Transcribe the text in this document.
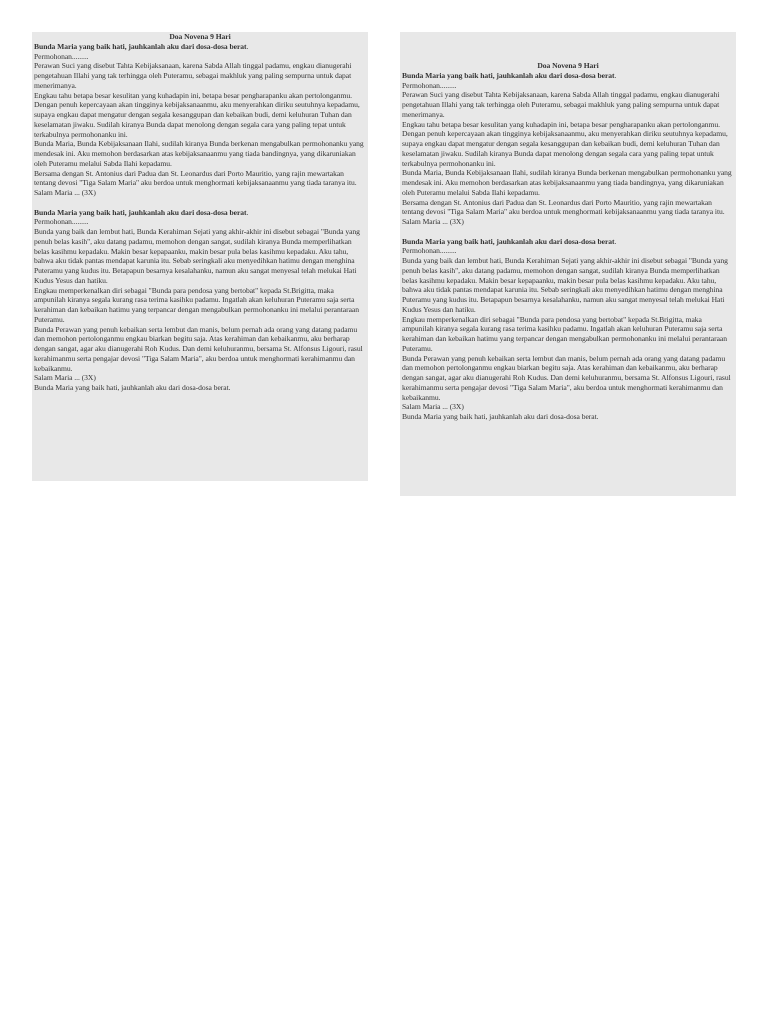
Doa Novena 9 Hari
Bunda Maria yang baik hati, jauhkanlah aku dari dosa-dosa berat.
Permohonan.........
Perawan Suci yang disebut Tahta Kebijaksanaan, karena Sabda Allah tinggal padamu, engkau dianugerahi pengetahuan Illahi yang tak terhingga oleh Puteramu, sebagai makhluk yang paling sempurna untuk dapat menerimanya.
Engkau tahu betapa besar kesulitan yang kuhadapin ini, betapa besar pengharapanku akan pertolonganmu. Dengan penuh kepercayaan akan tingginya kebijaksanaanmu, aku menyerahkan diriku seutuhnya kepadamu, supaya engkau dapat mengatur dengan segala kesanggupan dan kebaikan budi, demi keluhuran Tuhan dan keselamatan jiwaku. Sudilah kiranya Bunda dapat menolong dengan segala cara yang paling tepat untuk terkabulnya permohonanku ini.
Bunda Maria, Bunda Kebijaksanaan Ilahi, sudilah kiranya Bunda berkenan mengabulkan permohonanku yang mendesak ini. Aku memohon berdasarkan atas kebijaksanaanmu yang tiada bandingnya, yang dikaruniakan oleh Puteramu melalui Sabda Ilahi kepadamu.
Bersama dengan St. Antonius dari Padua dan St. Leonardus dari Porto Mauritio, yang rajin mewartakan tentang devosi "Tiga Salam Maria" aku berdoa untuk menghormati kebijaksanaanmu yang tiada taranya itu.
Salam Maria ... (3X)
Bunda Maria yang baik hati, jauhkanlah aku dari dosa-dosa berat.
Permohonan.........
Bunda yang baik dan lembut hati, Bunda Kerahiman Sejati yang akhir-akhir ini disebut sebagai "Bunda yang penuh belas kasih", aku datang padamu, memohon dengan sangat, sudilah kiranya Bunda memperlihatkan belas kasihmu kepadaku. Makin besar kepapaanku, makin besar pula belas kasihmu kepadaku. Aku tahu, bahwa aku tidak pantas mendapat karunia itu. Sebab seringkali aku menyedihkan hatimu dengan menghina Puteramu yang kudus itu. Betapapun besarnya kesalahanku, namun aku sangat menyesal telah melukai Hati Kudus Yesus dan hatiku.
Engkau memperkenalkan diri sebagai "Bunda para pendosa yang bertobat" kepada St.Brigitta, maka ampunilah kiranya segala kurang rasa terima kasihku padamu. Ingatlah akan keluhuran Puteramu saja serta kerahiman dan kebaikan hatimu yang terpancar dengan mengabulkan permohonanku ini melalui perantaraan Puteramu.
Bunda Perawan yang penuh kebaikan serta lembut dan manis, belum pernah ada orang yang datang padamu dan memohon pertolonganmu engkau biarkan begitu saja. Atas kerahiman dan kebaikanmu, aku berharap dengan sangat, agar aku dianugerahi Roh Kudus. Dan demi keluhuranmu, bersama St. Alfonsus Ligouri, rasul kerahimanmu serta pengajar devosi "Tiga Salam Maria", aku berdoa untuk menghormati kerahimanmu dan kebaikanmu.
Salam Maria ... (3X)
Bunda Maria yang baik hati, jauhkanlah aku dari dosa-dosa berat.
Doa Novena 9 Hari
Bunda Maria yang baik hati, jauhkanlah aku dari dosa-dosa berat.
Permohonan.........
Perawan Suci yang disebut Tahta Kebijaksanaan, karena Sabda Allah tinggal padamu, engkau dianugerahi pengetahuan Illahi yang tak terhingga oleh Puteramu, sebagai makhluk yang paling sempurna untuk dapat menerimanya.
Engkau tahu betapa besar kesulitan yang kuhadapin ini, betapa besar pengharapanku akan pertolonganmu. Dengan penuh kepercayaan akan tingginya kebijaksanaanmu, aku menyerahkan diriku seutuhnya kepadamu, supaya engkau dapat mengatur dengan segala kesanggupan dan kebaikan budi, demi keluhuran Tuhan dan keselamatan jiwaku. Sudilah kiranya Bunda dapat menolong dengan segala cara yang paling tepat untuk terkabulnya permohonanku ini.
Bunda Maria, Bunda Kebijaksanaan Ilahi, sudilah kiranya Bunda berkenan mengabulkan permohonanku yang mendesak ini. Aku memohon berdasarkan atas kebijaksanaanmu yang tiada bandingnya, yang dikaruniakan oleh Puteramu melalui Sabda Ilahi kepadamu.
Bersama dengan St. Antonius dari Padua dan St. Leonardus dari Porto Mauritio, yang rajin mewartakan tentang devosi "Tiga Salam Maria" aku berdoa untuk menghormati kebijaksanaanmu yang tiada taranya itu.
Salam Maria ... (3X)
Bunda Maria yang baik hati, jauhkanlah aku dari dosa-dosa berat.
Permohonan.........
Bunda yang baik dan lembut hati, Bunda Kerahiman Sejati yang akhir-akhir ini disebut sebagai "Bunda yang penuh belas kasih", aku datang padamu, memohon dengan sangat, sudilah kiranya Bunda memperlihatkan belas kasihmu kepadaku. Makin besar kepapaanku, makin besar pula belas kasihmu kepadaku. Aku tahu, bahwa aku tidak pantas mendapat karunia itu. Sebab seringkali aku menyedihkan hatimu dengan menghina Puteramu yang kudus itu. Betapapun besarnya kesalahanku, namun aku sangat menyesal telah melukai Hati Kudus Yesus dan hatiku.
Engkau memperkenalkan diri sebagai "Bunda para pendosa yang bertobat" kepada St.Brigitta, maka ampunilah kiranya segala kurang rasa terima kasihku padamu. Ingatlah akan keluhuran Puteramu saja serta kerahiman dan kebaikan hatimu yang terpancar dengan mengabulkan permohonanku ini melalui perantaraan Puteramu.
Bunda Perawan yang penuh kebaikan serta lembut dan manis, belum pernah ada orang yang datang padamu dan memohon pertolonganmu engkau biarkan begitu saja. Atas kerahiman dan kebaikanmu, aku berharap dengan sangat, agar aku dianugerahi Roh Kudus. Dan demi keluhuranmu, bersama St. Alfonsus Ligouri, rasul kerahimanmu serta pengajar devosi "Tiga Salam Maria", aku berdoa untuk menghormati kerahimanmu dan kebaikanmu.
Salam Maria ... (3X)
Bunda Maria yang baik hati, jauhkanlah aku dari dosa-dosa berat.
